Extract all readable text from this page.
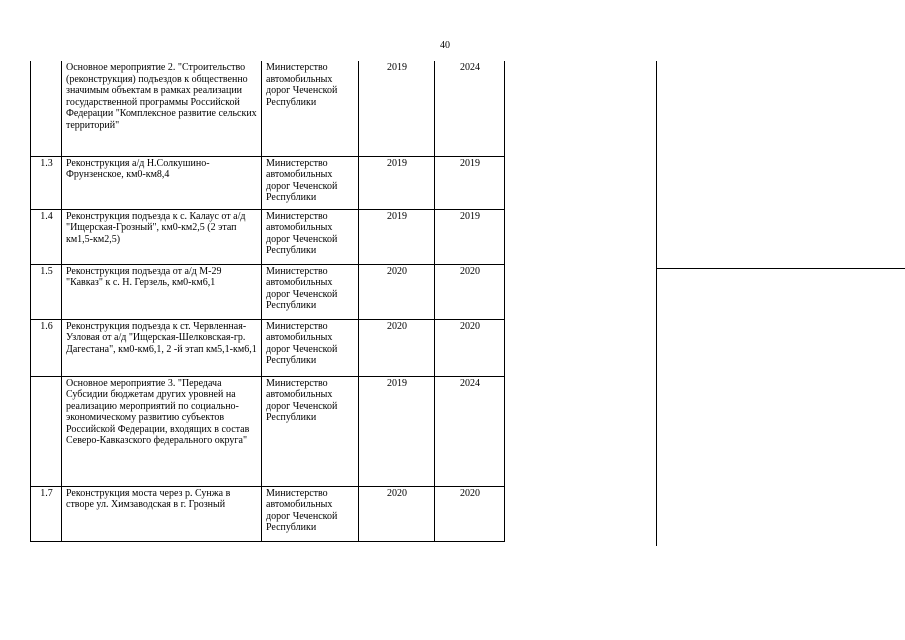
40
	Основное мероприятие 2. "Строительство (реконструкция) подъездов к общественно значимым объектам в рамках реализации государственной программы Российской Федерации "Комплексное развитие сельских территорий"	Министерство автомобильных дорог Чеченской Республики	2019	2024
1.3	Реконструкция а/д Н.Солкушино-Фрунзенское, км0-км8,4	Министерство автомобильных дорог Чеченской Республики	2019	2019
1.4	Реконструкция подъезда к с. Калаус от а/д "Ищерская-Грозный", км0-км2,5 (2 этап км1,5-км2,5)	Министерство автомобильных дорог Чеченской Республики	2019	2019
1.5	Реконструкция подъезда от а/д М-29 "Кавказ" к с. Н. Герзель, км0-км6,1	Министерство автомобильных дорог Чеченской Республики	2020	2020
1.6	Реконструкция подъезда к ст. Червленная-Узловая от а/д "Ищерская-Шелковская-гр. Дагестана", км0-км6,1, 2 -й этап км5,1-км6,1	Министерство автомобильных дорог Чеченской Республики	2020	2020
	Основное мероприятие 3. "Передача Субсидии бюджетам других уровней на реализацию мероприятий по социально-экономическому развитию субъектов Российской Федерации, входящих в состав Северо-Кавказского федерального округа"	Министерство автомобильных дорог Чеченской Республики	2019	2024
1.7	Реконструкция моста через р. Сунжа в створе ул. Химзаводская в г. Грозный	Министерство автомобильных дорог Чеченской Республики	2020	2020
